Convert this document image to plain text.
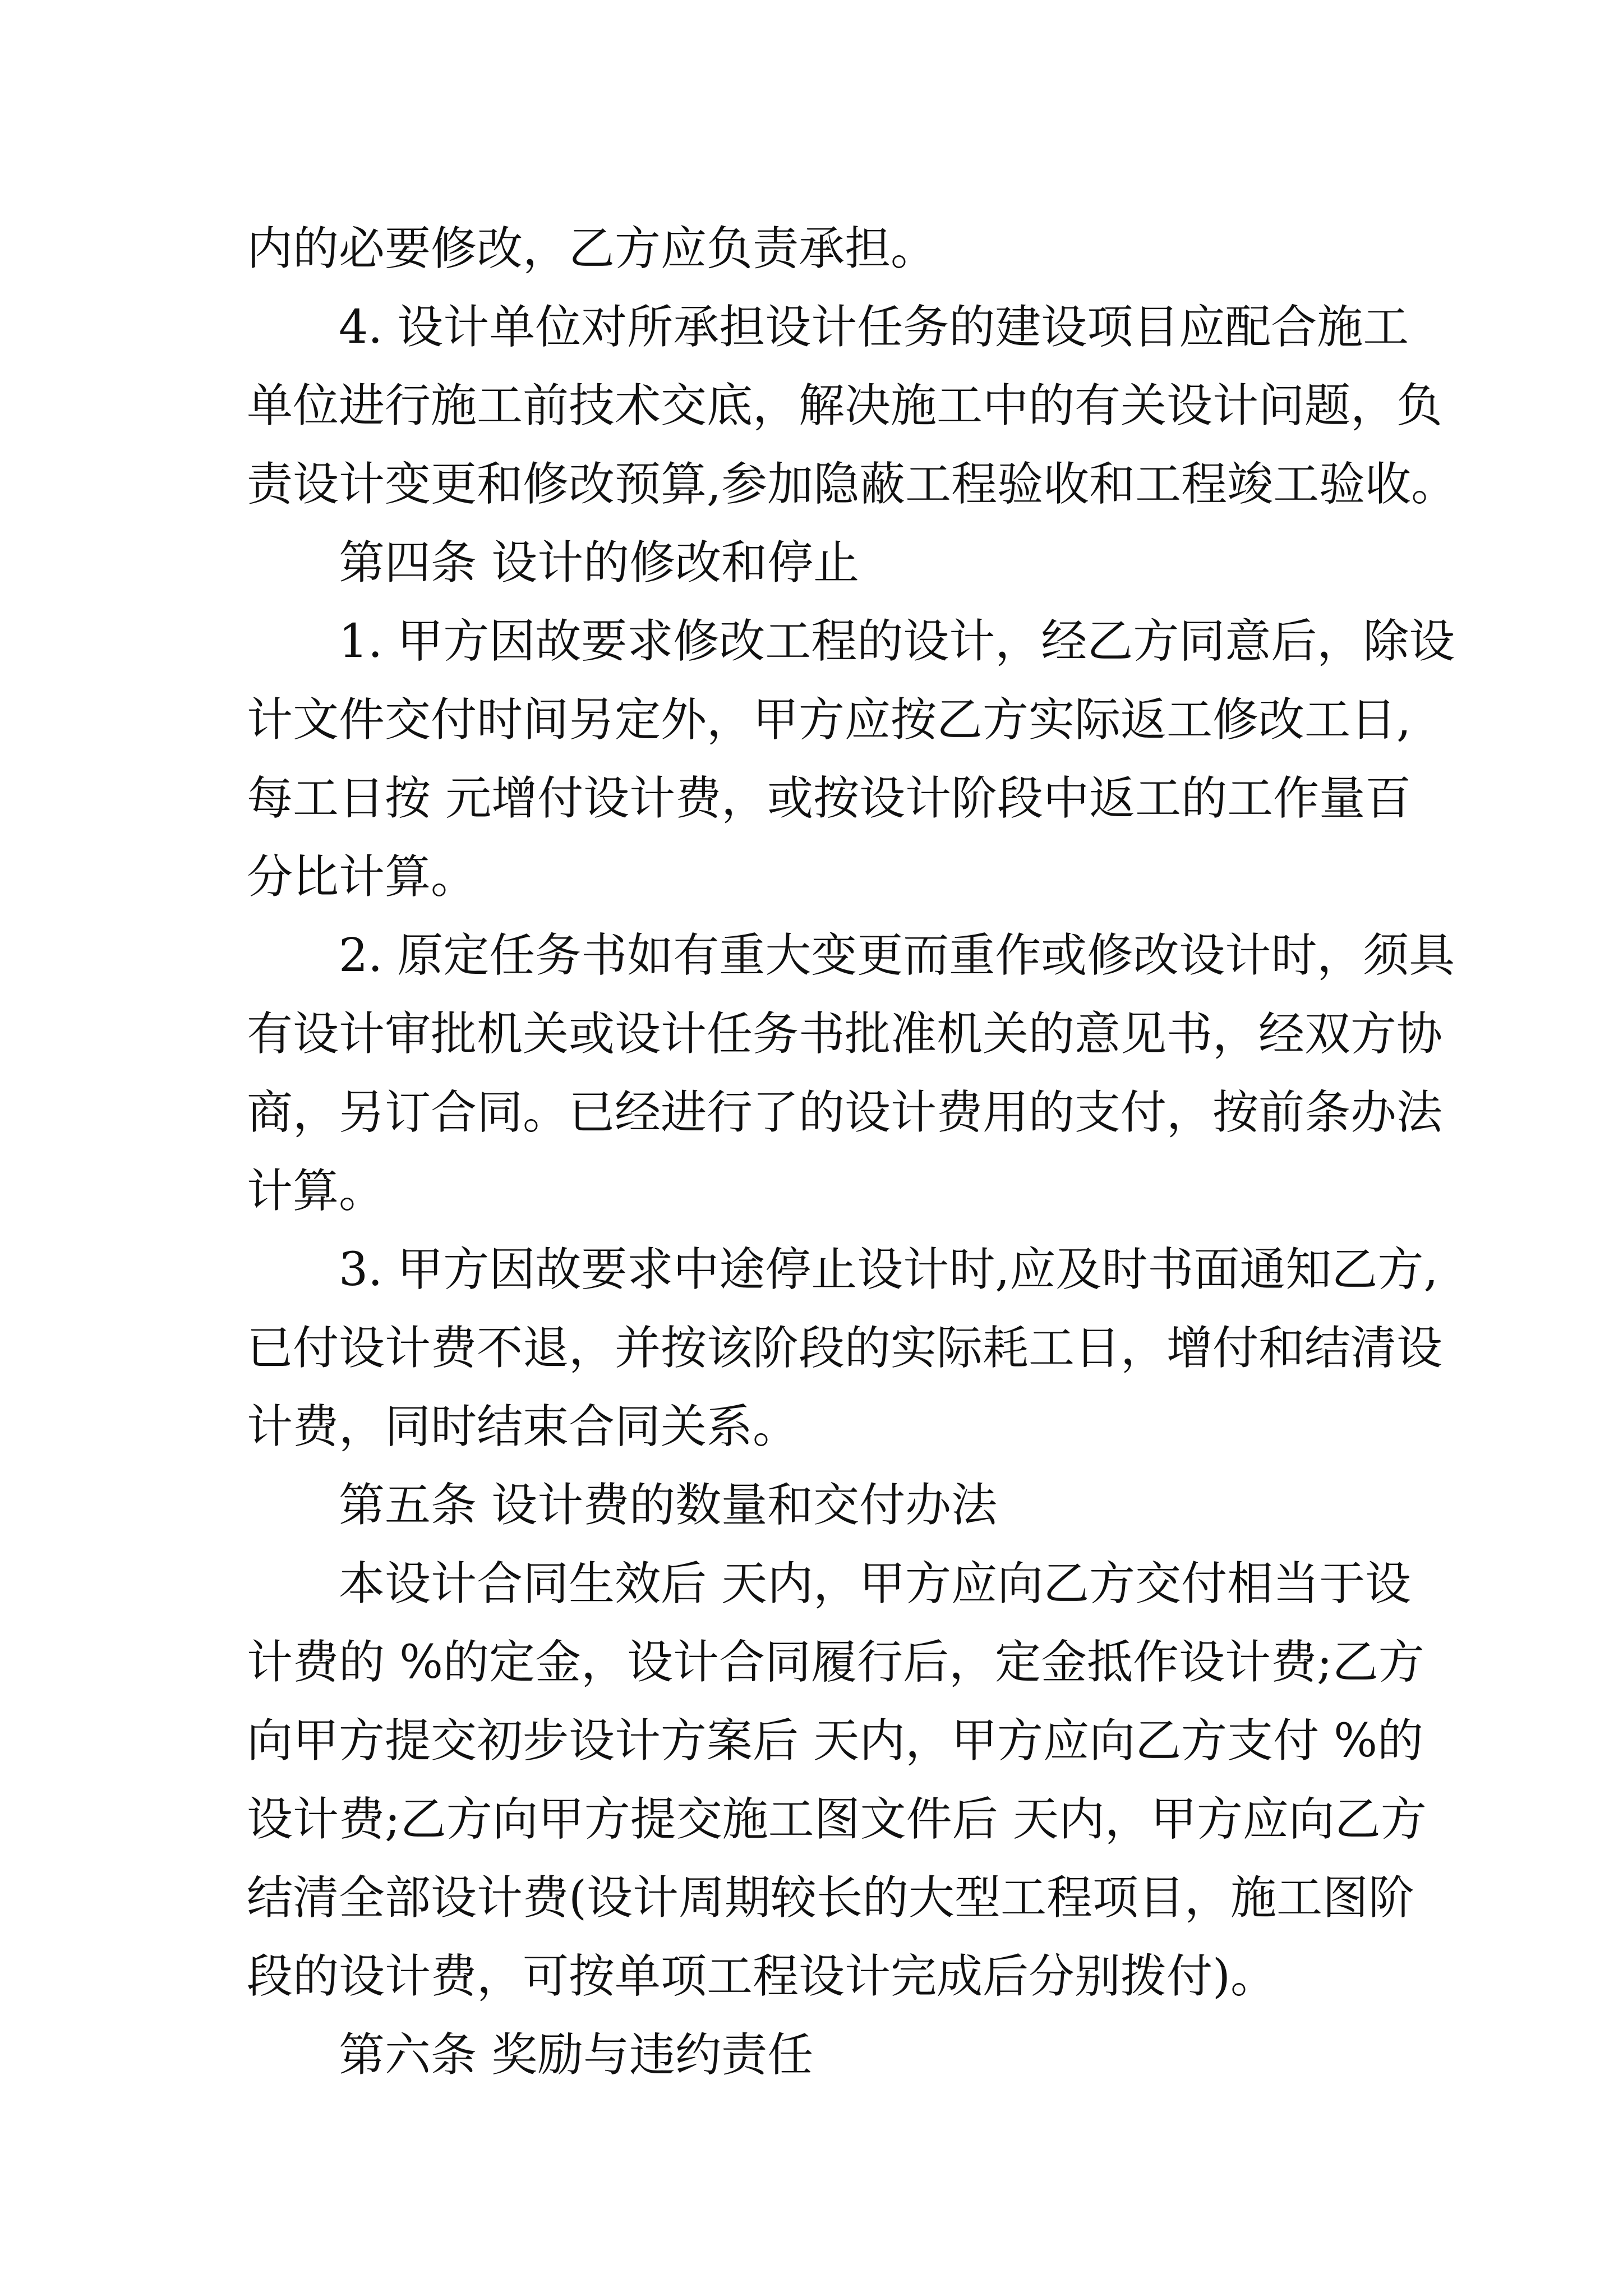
内的必要修改，乙方应负责承担。
4. 设计单位对所承担设计任务的建设项目应配合施工
单位进行施工前技术交底，解决施工中的有关设计问题，负
责设计变更和修改预算,参加隐蔽工程验收和工程竣工验收。
第四条 设计的修改和停止
1. 甲方因故要求修改工程的设计，经乙方同意后，除设
计文件交付时间另定外，甲方应按乙方实际返工修改工日,
每工日按 元增付设计费，或按设计阶段中返工的工作量百
分比计算。
2. 原定任务书如有重大变更而重作或修改设计时，须具
有设计审批机关或设计任务书批准机关的意见书，经双方协
商，另订合同。已经进行了的设计费用的支付，按前条办法
计算。
3. 甲方因故要求中途停止设计时,应及时书面通知乙方,
已付设计费不退，并按该阶段的实际耗工日，增付和结清设
计费，同时结束合同关系。
第五条 设计费的数量和交付办法
本设计合同生效后 天内，甲方应向乙方交付相当于设
计费的 %的定金，设计合同履行后，定金抵作设计费;乙方
向甲方提交初步设计方案后 天内，甲方应向乙方支付 %的
设计费;乙方向甲方提交施工图文件后 天内，甲方应向乙方
结清全部设计费(设计周期较长的大型工程项目，施工图阶
段的设计费，可按单项工程设计完成后分别拨付)。
第六条 奖励与违约责任
